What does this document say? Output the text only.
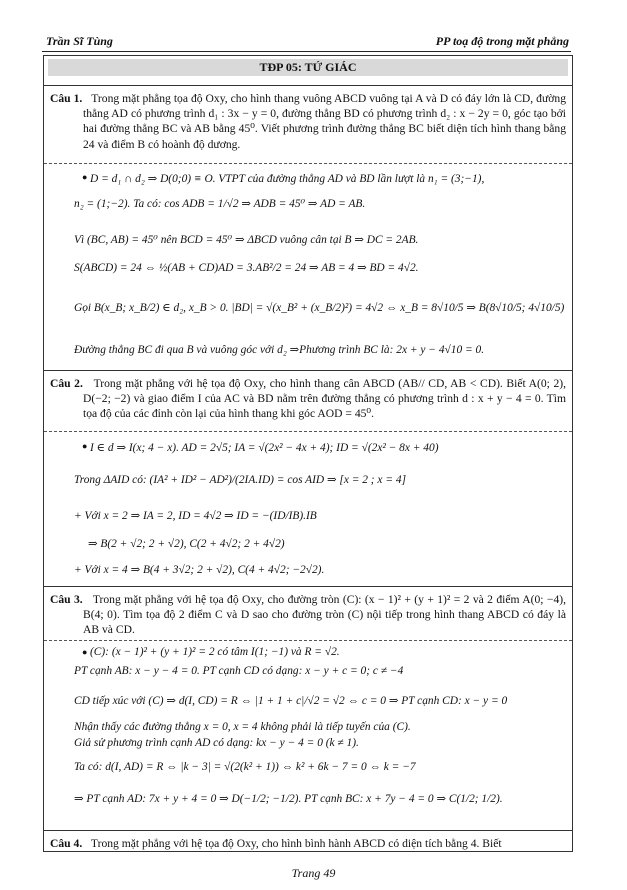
Trần Sĩ Tùng	PP toạ độ trong mặt phẳng
TĐP 05: TỨ GIÁC
Câu 1. Trong mặt phẳng tọa độ Oxy, cho hình thang vuông ABCD vuông tại A và D có đáy lớn là CD, đường thẳng AD có phương trình d₁ : 3x − y = 0, đường thẳng BD có phương trình d₂ : x − 2y = 0, góc tạo bởi hai đường thẳng BC và AB bằng 45⁰. Viết phương trình đường thẳng BC biết diện tích hình thang bằng 24 và điểm B có hoành độ dương.
● D = d₁ ∩ d₂ ⇒ D(0;0) ≡ O. VTPT của đường thẳng AD và BD lần lượt là n₁ = (3;−1),
n₂ = (1;−2). Ta có: cos ADB = 1/√2 ⇒ ADB = 45⁰ ⇒ AD = AB.
Vì (BC, AB) = 45⁰ nên BCD = 45⁰ ⇒ ΔBCD vuông cân tại B ⇒ DC = 2AB.
S(ABCD) = 24 ⇔ ½(AB + CD)AD = 3.AB²/2 = 24 ⇒ AB = 4 ⇒ BD = 4√2.
Gọi B(x_B; x_B/2) ∈ d₂, x_B > 0. |BD| = √(x_B² + (x_B/2)²) = 4√2 ⇔ x_B = 8√10/5 ⇒ B(8√10/5; 4√10/5)
Đường thẳng BC đi qua B và vuông góc với d₂ ⇒Phương trình BC là: 2x + y − 4√10 = 0.
Câu 2. Trong mặt phẳng với hệ tọa độ Oxy, cho hình thang cân ABCD (AB// CD, AB < CD). Biết A(0; 2), D(−2; −2) và giao điểm I của AC và BD nằm trên đường thẳng có phương trình d : x + y − 4 = 0. Tìm tọa độ của các đỉnh còn lại của hình thang khi góc AOD = 45⁰.
● I ∈ d ⇒ I(x; 4 − x). AD = 2√5; IA = √(2x² − 4x + 4); ID = √(2x² − 8x + 40)
Trong ΔAID có: (IA² + ID² − AD²)/(2IA.ID) = cos AID ⇒ [x = 2 ; x = 4]
+ Với x = 2 ⇒ IA = 2, ID = 4√2 ⇒ ID = −(ID/IB).IB
⇒ B(2 + √2; 2 + √2), C(2 + 4√2; 2 + 4√2)
+ Với x = 4 ⇒ B(4 + 3√2; 2 + √2), C(4 + 4√2; −2√2).
Câu 3. Trong mặt phẳng với hệ tọa độ Oxy, cho đường tròn (C): (x − 1)² + (y + 1)² = 2 và 2 điểm A(0; −4), B(4; 0). Tìm tọa độ 2 điểm C và D sao cho đường tròn (C) nội tiếp trong hình thang ABCD có đáy là AB và CD.
● (C): (x − 1)² + (y + 1)² = 2 có tâm I(1; −1) và R = √2.
PT cạnh AB: x − y − 4 = 0. PT cạnh CD có dạng: x − y + c = 0; c ≠ −4
CD tiếp xúc với (C) ⇒ d(I, CD) = R ⇔ |1 + 1 + c|/√2 = √2 ⇔ c = 0 ⇒ PT cạnh CD: x − y = 0
Nhận thấy các đường thẳng x = 0, x = 4 không phải là tiếp tuyến của (C).
Giả sử phương trình cạnh AD có dạng: kx − y − 4 = 0 (k ≠ 1).
Ta có: d(I, AD) = R ⇔ |k − 3| = √(2(k² + 1)) ⇔ k² + 6k − 7 = 0 ⇔ k = −7
⇒ PT cạnh AD: 7x + y + 4 = 0 ⇒ D(−1/2; −1/2). PT cạnh BC: x + 7y − 4 = 0 ⇒ C(1/2; 1/2).
Câu 4. Trong mặt phẳng với hệ tọa độ Oxy, cho hình bình hành ABCD có diện tích bằng 4. Biết
Trang 49
